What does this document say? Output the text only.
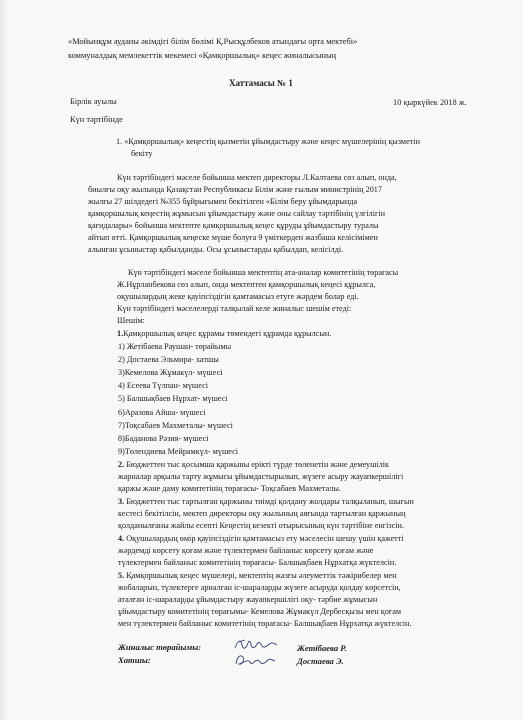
«Мойынқұм ауданы әкімдігі білім бөлімі Қ.Рысқұлбеков атындағы орта мектебі»
коммуналдық мемлекеттік мекемесі «Қамқоршылық» кеңес жиналысының
Хаттамасы № 1
Бірлік ауылы	10 қыркүйек 2018 ж.
Күн тәртібінде
1. «Қамқоршылық» кеңестің қызметін ұйымдастыру және кеңес мүшелерінің қызметін
бекіту
Күн тәртібіндегі мәселе бойынша мектеп директоры Л.Калтаева сөз алып, онда,
биылғы оқу жылында Қазақстан Республикасы Білім және ғылым министрінің 2017
жылғы 27 шілдедегі №355 бұйрығымен бекітілген «Білім беру ұйымдарында
қамқоршылық кеңестің жұмысын ұйымдастыру және оны сайлау тәртібінің үлгілігін
қағидалары» бойынша мектепте қамқоршылық кеңес құруды ұйымдастыру туралы
айтып өтті. Қамқоршылық кеңеске мүше болуға 9 үміткерден жазбаша келісімімен
алынған ұсыныстар қабылданды. Осы ұсыныстарды қабылдап, келісілді.
Күн тәртібіндегі мәселе бойынша мектептің ата-аналар комитетінің төрағасы
Ж.Нұрланбекова сөз алып, онда мектептен қамқоршылық кеңесі құрылса,
оқушылардың жеке қауіпсіздігін қамтамасыз етуге жәрдем болар еді.
Күн тәртібіндегі мәселелерді талқылай келе жиналыс шешім етеді:
Шешім:
1.Қамқоршылық кеңес құрамы төмендегі құрамда құрылсын.
1) Жетібаева Раушан- төрайымы
2) Достаева Эльмира- хатшы
3)Кемелова Жұмакүл- мүшесі
4) Есеева Түлпан- мүшесі
5) Балшықбаев Нұрхат- мүшесі
6)Аразова Айша- мүшесі
7)Тоқсабаев Махметалы- мүшесі
8)Баданова Рәзия- мүшесі
9)Төлендиева Мейрамкүл- мүшесі
2. Бюджеттен тыс қосымша қаржыны ерікті түрде төленетін және демеушілік
жарналар арқылы тарту жұмысы ұйымдастырылып, жүзеге асыру жауапкершілігі
қаржы және даму комитетінің төрағасы- Тоқсабаев Махметалы.
3. Бюджеттен тыс тартылған қаржыны тиімді қолдану жолдары талқыланып, шығын
кестесі бекітілсін, мектеп директоры оқу жылының аяғында тартылған қаржының
қолданылғаны жайлы есепті Кеңестің кезекті отырысының күн тәртібіне енгізсін.
4. Оқушылардың өмір қауіпсіздігін қамтамасыз ету мәселесін шешу үшін қажетті
жәрдемді көрсету қоғам және түлектермен байланыс көрсету қоғам және
түлектермен байланыс комитетінің төрағасы- Балшықбаев Нұрхатқа жүктелсін.
5. Қамқоршылық кеңес мүшелері, мектептің жазғы әлеуметтік тәжірибелер мен
жобаларын, түлектерге арналған іс-шараларды жүзеге асыруда қолдау көрсетсін,
аталған іс-шараларды ұйымдастыру жауапкершілігі оқу- тәрбие жұмысын
ұйымдастыру комитетінің төрағымы- Кемелова Жұмакүл Дербесқызы мен қоғам
мен түлектермен байланыс комитетінің төрағасы- Балшықбаев Нұрхатқа жүктелсін.
Жиналыс төрайымы:
Хатшы:
Жетібаева Р.
Достаева Э.
